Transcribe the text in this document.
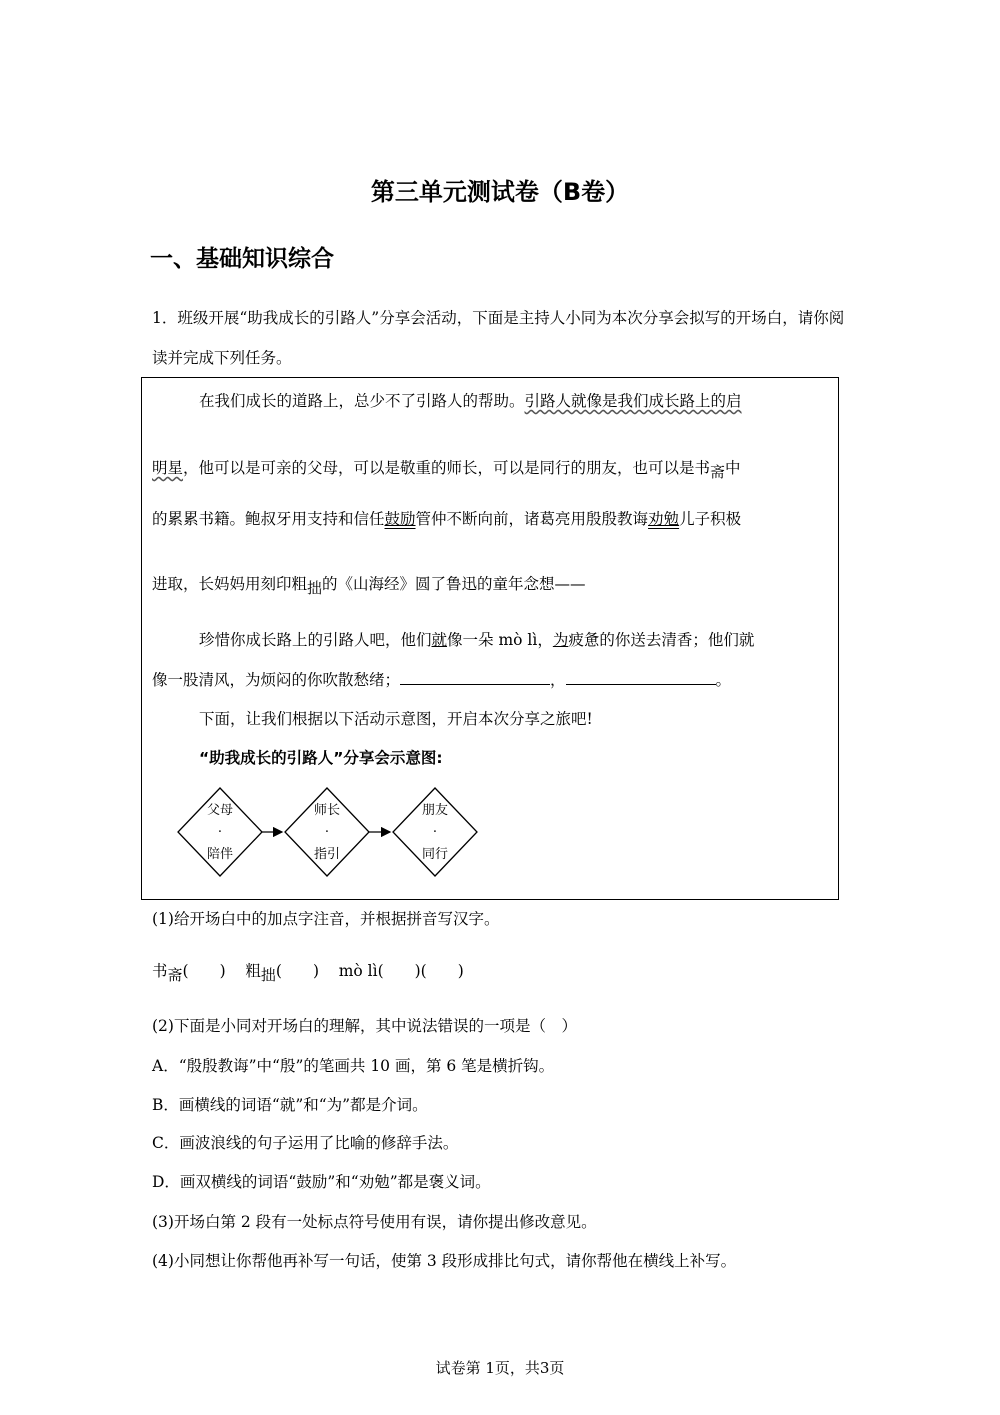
第三单元测试卷（B卷）
一、基础知识综合
1．班级开展“助我成长的引路人”分享会活动，下面是主持人小同为本次分享会拟写的开场白，请你阅读并完成下列任务。
在我们成长的道路上，总少不了引路人的帮助。引路人就像是我们成长路上的启
明星，他可以是可亲的父母，可以是敬重的师长，可以是同行的朋友，也可以是书斋中
的累累书籍。鲍叔牙用支持和信任鼓励管仲不断向前，诸葛亮用殷殷教诲劝勉儿子积极
进取，长妈妈用刻印粗拙的《山海经》圆了鲁迅的童年念想——
珍惜你成长路上的引路人吧，他们就像一朵 mò lì，为疲惫的你送去清香；他们就
像一股清风，为烦闷的你吹散愁绪；	，	。
下面，让我们根据以下活动示意图，开启本次分享之旅吧!
“助我成长的引路人”分享会示意图:
父母
·
陪伴
师长
·
指引
朋友
·
同行
(1)给开场白中的加点字注音，并根据拼音写汉字。
书斋(　　) 粗拙(　　) mò lì(　　)(　　)
(2)下面是小同对开场白的理解，其中说法错误的一项是（　）
A．“殷殷教诲”中“殷”的笔画共 10 画，第 6 笔是横折钩。
B．画横线的词语“就”和“为”都是介词。
C．画波浪线的句子运用了比喻的修辞手法。
D．画双横线的词语“鼓励”和“劝勉”都是褒义词。
(3)开场白第 2 段有一处标点符号使用有误，请你提出修改意见。
(4)小同想让你帮他再补写一句话，使第 3 段形成排比句式，请你帮他在横线上补写。
试卷第 1页，共3页
